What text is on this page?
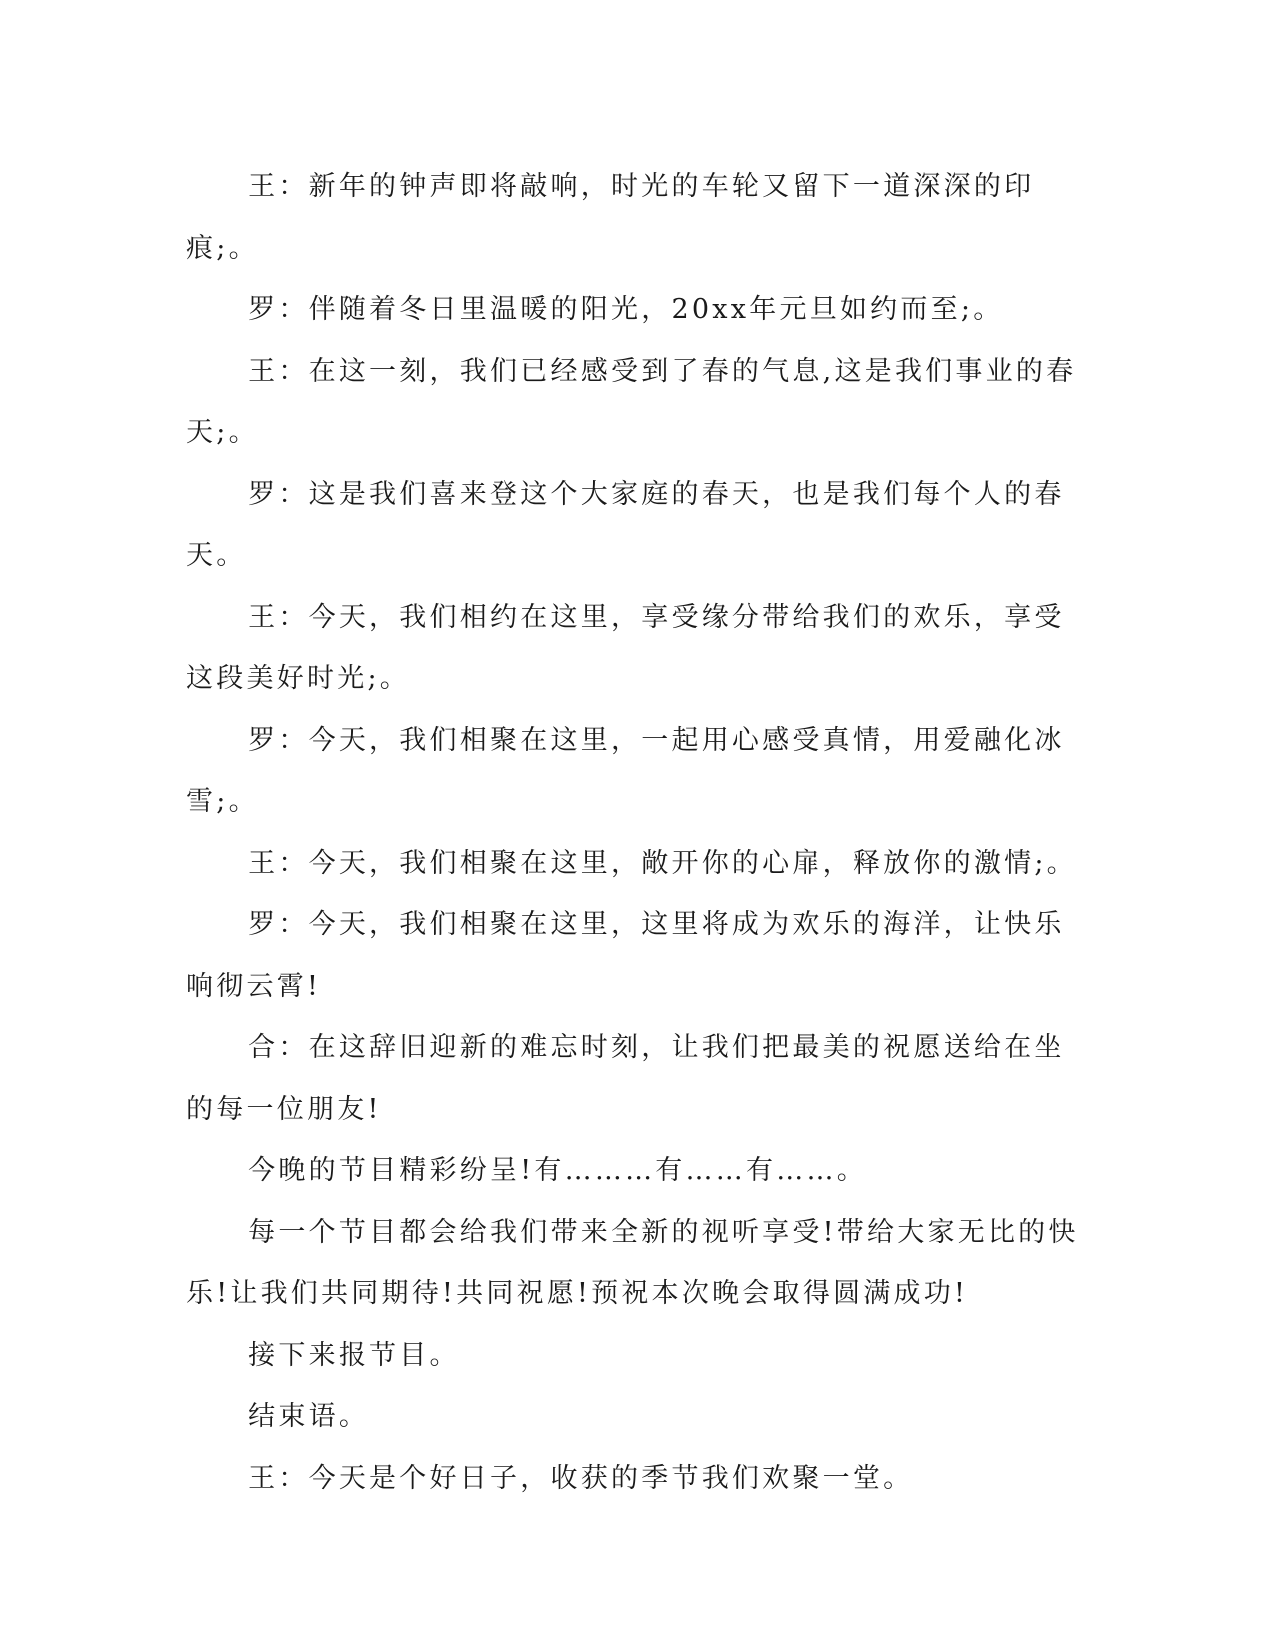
王：新年的钟声即将敲响，时光的车轮又留下一道深深的印痕;。

罗：伴随着冬日里温暖的阳光，20xx年元旦如约而至;。

王：在这一刻，我们已经感受到了春的气息,这是我们事业的春天;。

罗：这是我们喜来登这个大家庭的春天，也是我们每个人的春天。

王：今天，我们相约在这里，享受缘分带给我们的欢乐，享受这段美好时光;。

罗：今天，我们相聚在这里，一起用心感受真情，用爱融化冰雪;。

王：今天，我们相聚在这里，敞开你的心扉，释放你的激情;。

罗：今天，我们相聚在这里，这里将成为欢乐的海洋，让快乐响彻云霄!

合：在这辞旧迎新的难忘时刻，让我们把最美的祝愿送给在坐的每一位朋友!

今晚的节目精彩纷呈!有………有……有……。

每一个节目都会给我们带来全新的视听享受!带给大家无比的快乐!让我们共同期待!共同祝愿!预祝本次晚会取得圆满成功!

接下来报节目。

结束语。

王：今天是个好日子，收获的季节我们欢聚一堂。
